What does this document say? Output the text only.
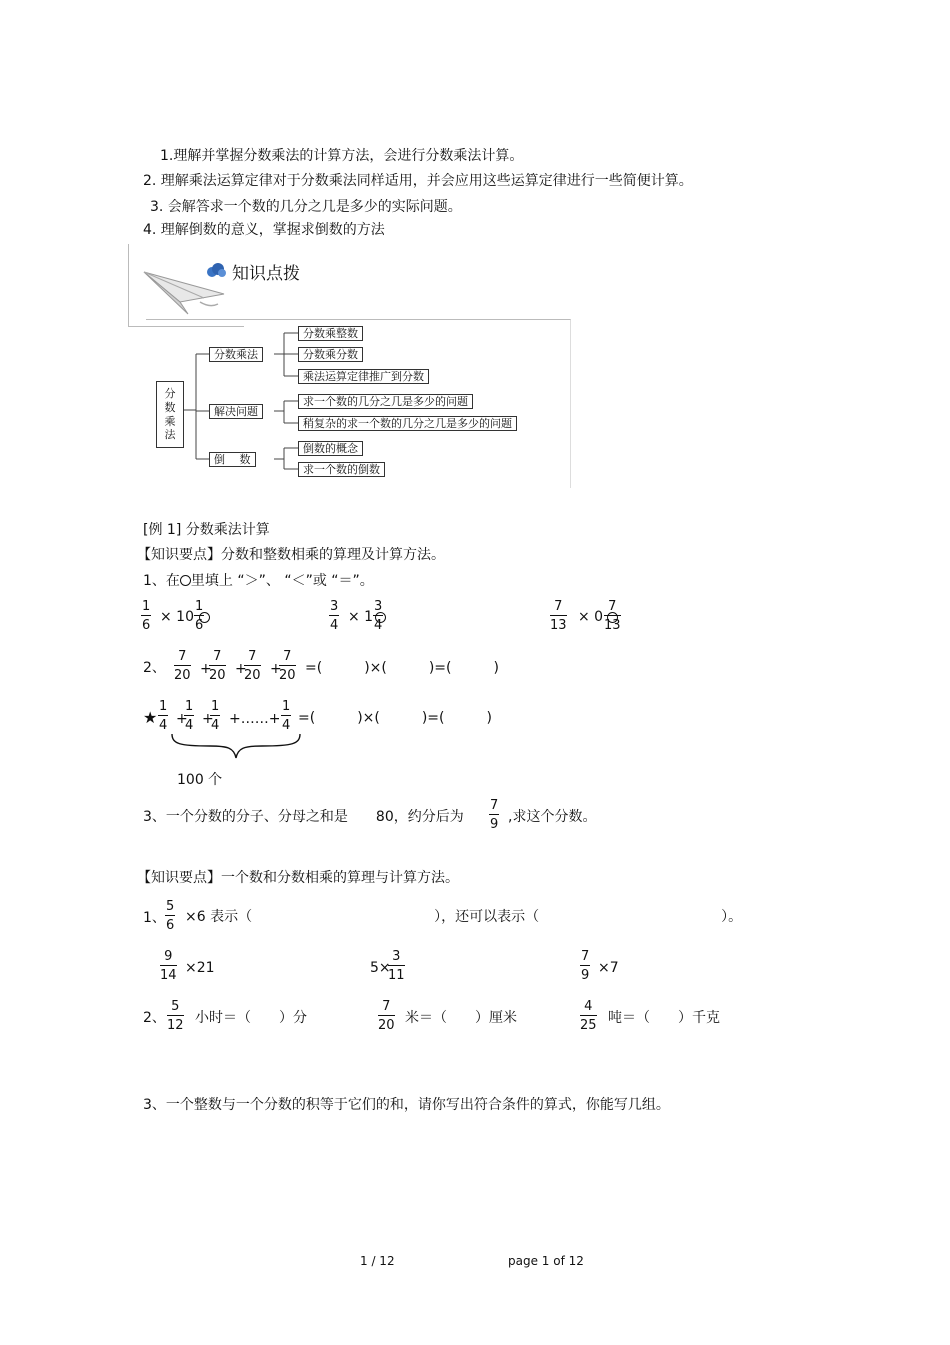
1.理解并掌握分数乘法的计算方法，会进行分数乘法计算。
2. 理解乘法运算定律对于分数乘法同样适用，并会应用这些运算定律进行一些简便计算。
3. 会解答求一个数的几分之几是多少的实际问题。
4. 理解倒数的意义，掌握求倒数的方法
知识点拨
分数乘法
分数乘法
解决问题
倒　 数
分数乘整数
分数乘分数
乘法运算定律推广到分数
求一个数的几分之几是多少的问题
稍复杂的求一个数的几分之几是多少的问题
倒数的概念
求一个数的倒数
[例 1] 分数乘法计算
【知识要点】分数和整数相乘的算理及计算方法。
1、在 里填上 “＞”、 “＜”或 “＝”。
1
6
× 10
1
6
3
4
× 1
3
4
7
13
× 0
7
13
2、
7
20 +
7
20 +
7
20 +
7
20 =(　　　)×(　　　)=(　　　)
★
1
4 +
1
4 +
1
4 +……+
1
4 =(　　　)×(　　　)=(　　　)
100 个
3、一个分数的分子、分母之和是　　80，约分后为
7
9 ,求这个分数。
【知识要点】一个数和分数相乘的算理与计算方法。
1、
5
6
×6 表示（　　　　　　　　　　　　　），还可以表示（　　　　　　　　　　　　　）。
9
14 ×21	5×
3
11
7
9 ×7
2、
5
12 小时＝（　　）分
7
20 米＝（　　）厘米
4
25 吨＝（　　）千克
3、一个整数与一个分数的积等于它们的和，请你写出符合条件的算式，你能写几组。
1 / 12	page 1 of 12
